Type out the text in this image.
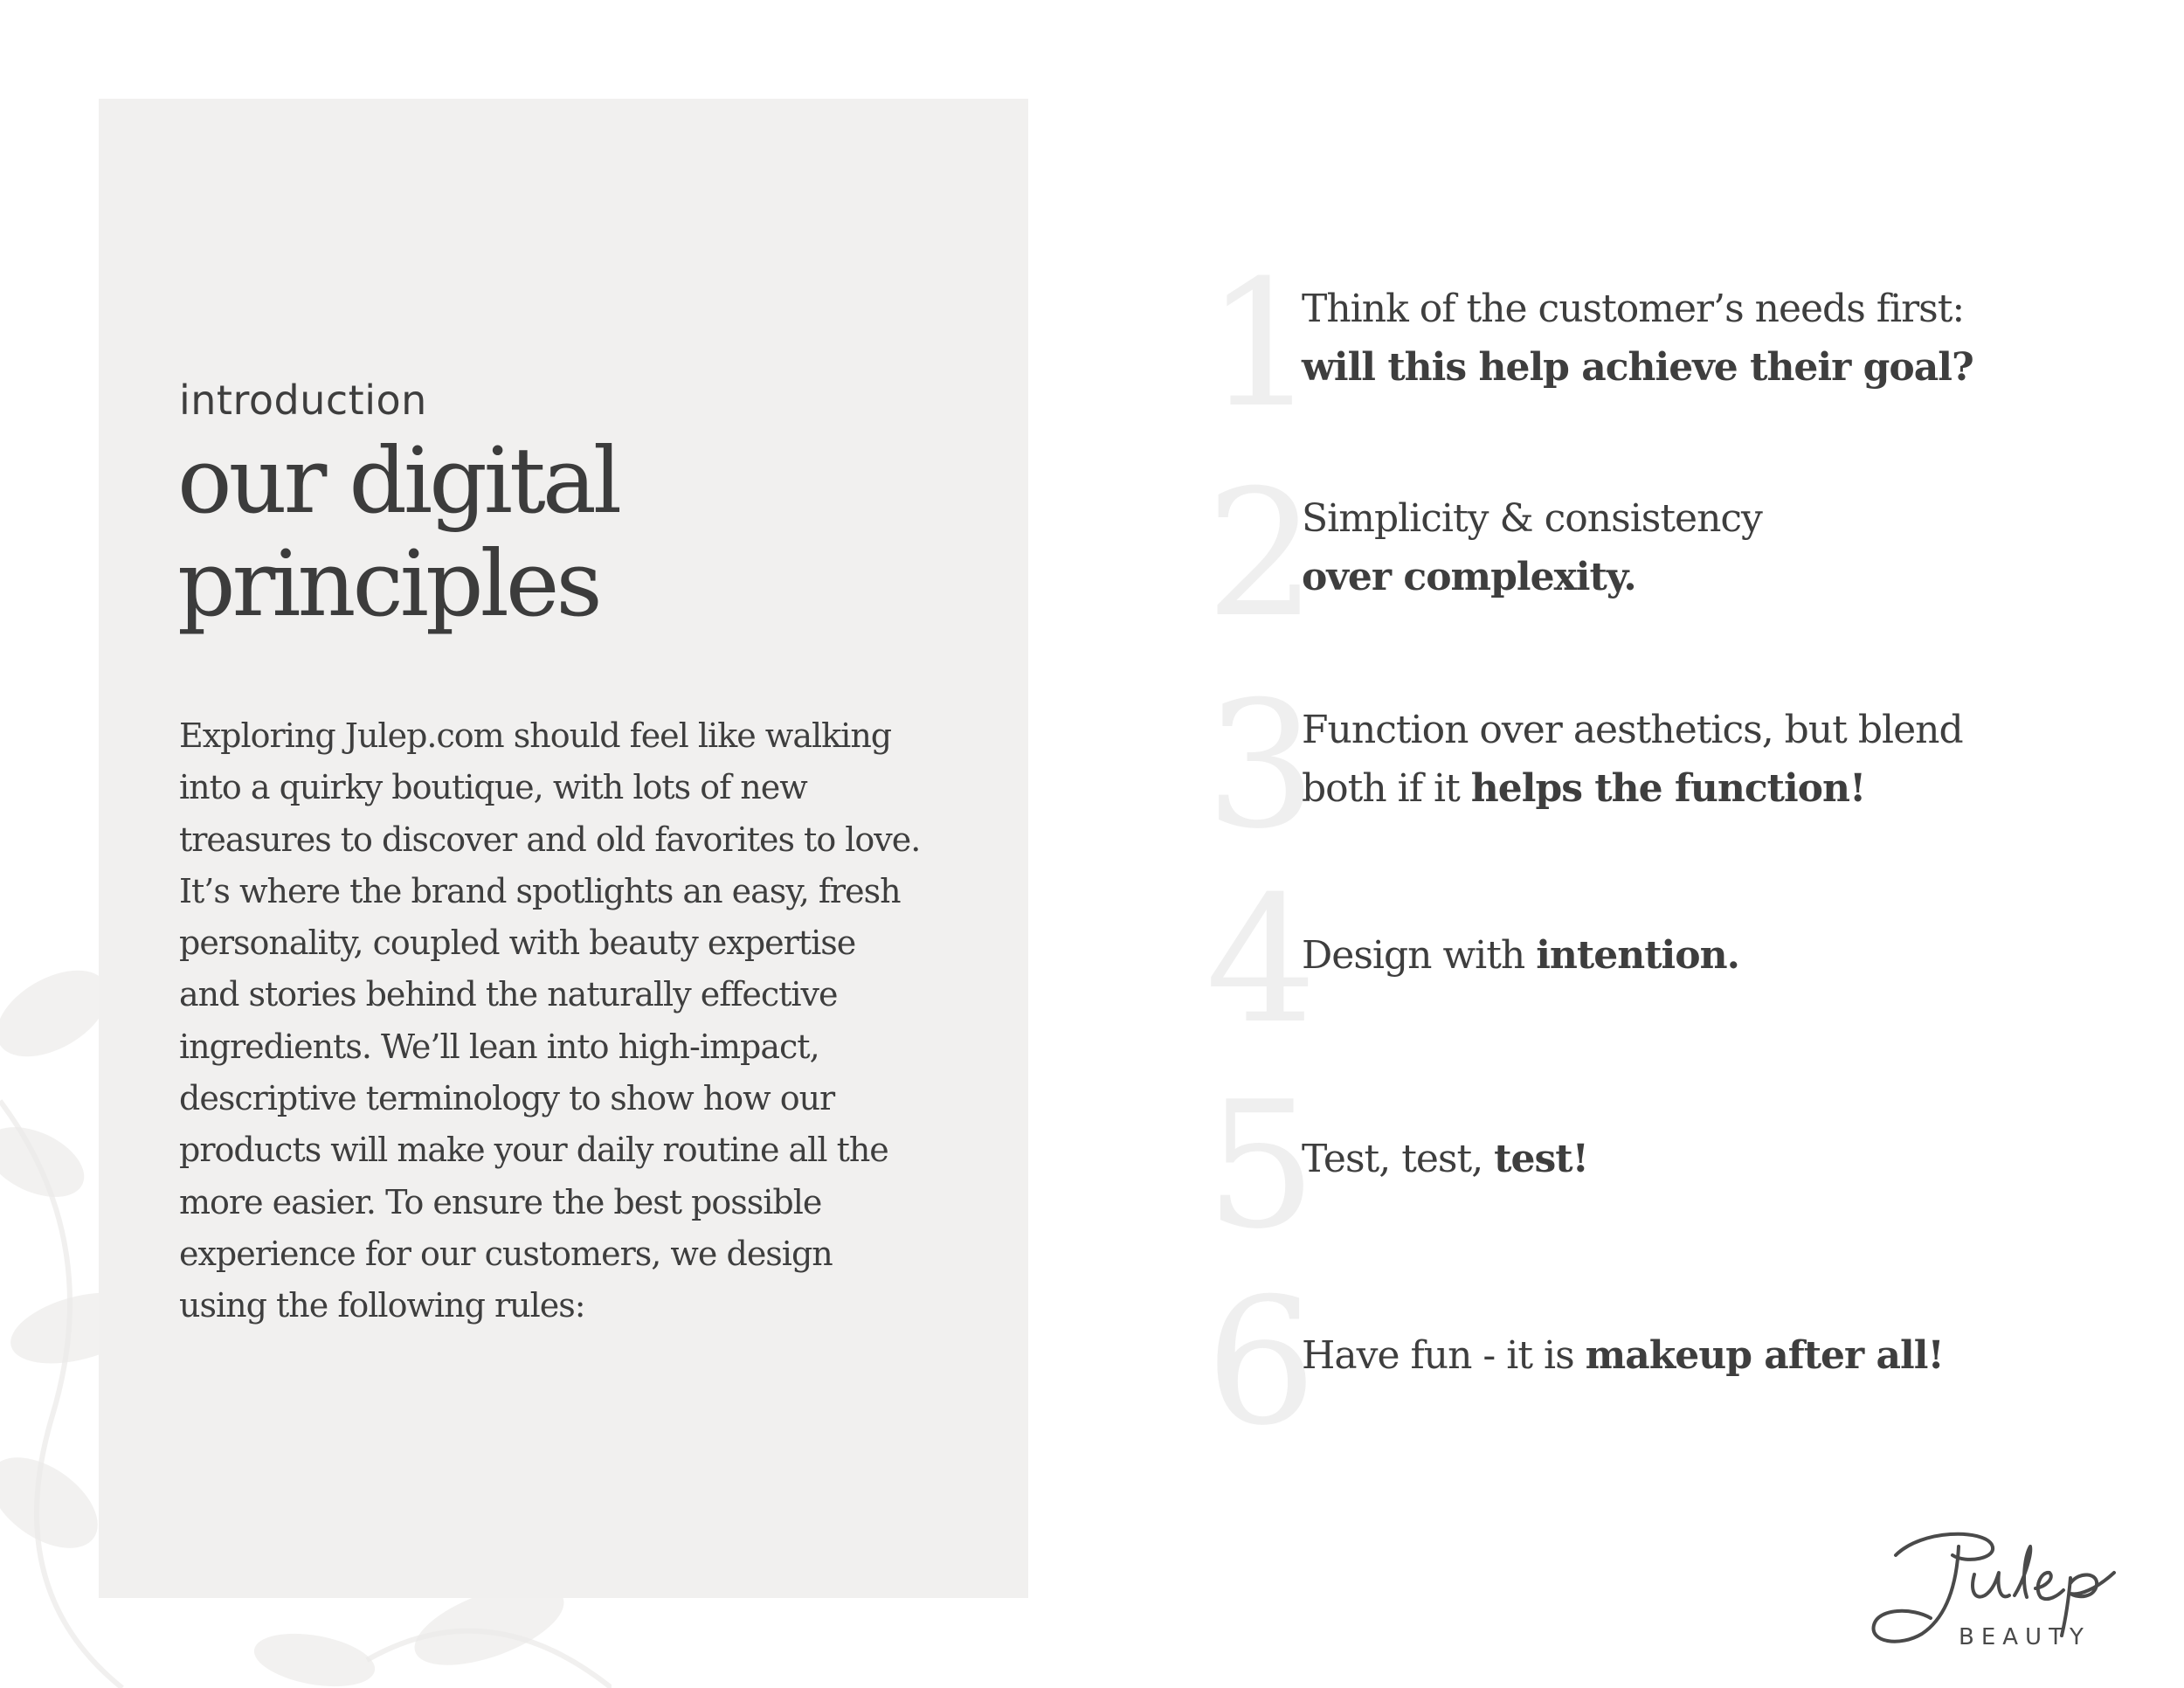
introduction
our digital
principles

Exploring Julep.com should feel like walking
into a quirky boutique, with lots of new
treasures to discover and old favorites to love.
It’s where the brand spotlights an easy, fresh
personality, coupled with beauty expertise
and stories behind the naturally effective
ingredients. We’ll lean into high-impact,
descriptive terminology to show how our
products will make your daily routine all the
more easier. To ensure the best possible
experience for our customers, we design
using the following rules:

1
Think of the customer’s needs first:
will this help achieve their goal?
2
Simplicity & consistency
over complexity.
3
Function over aesthetics, but blend
both if it helps the function!
4
Design with intention.
5
Test, test, test!
6
Have fun - it is makeup after all!
BEAUTY
